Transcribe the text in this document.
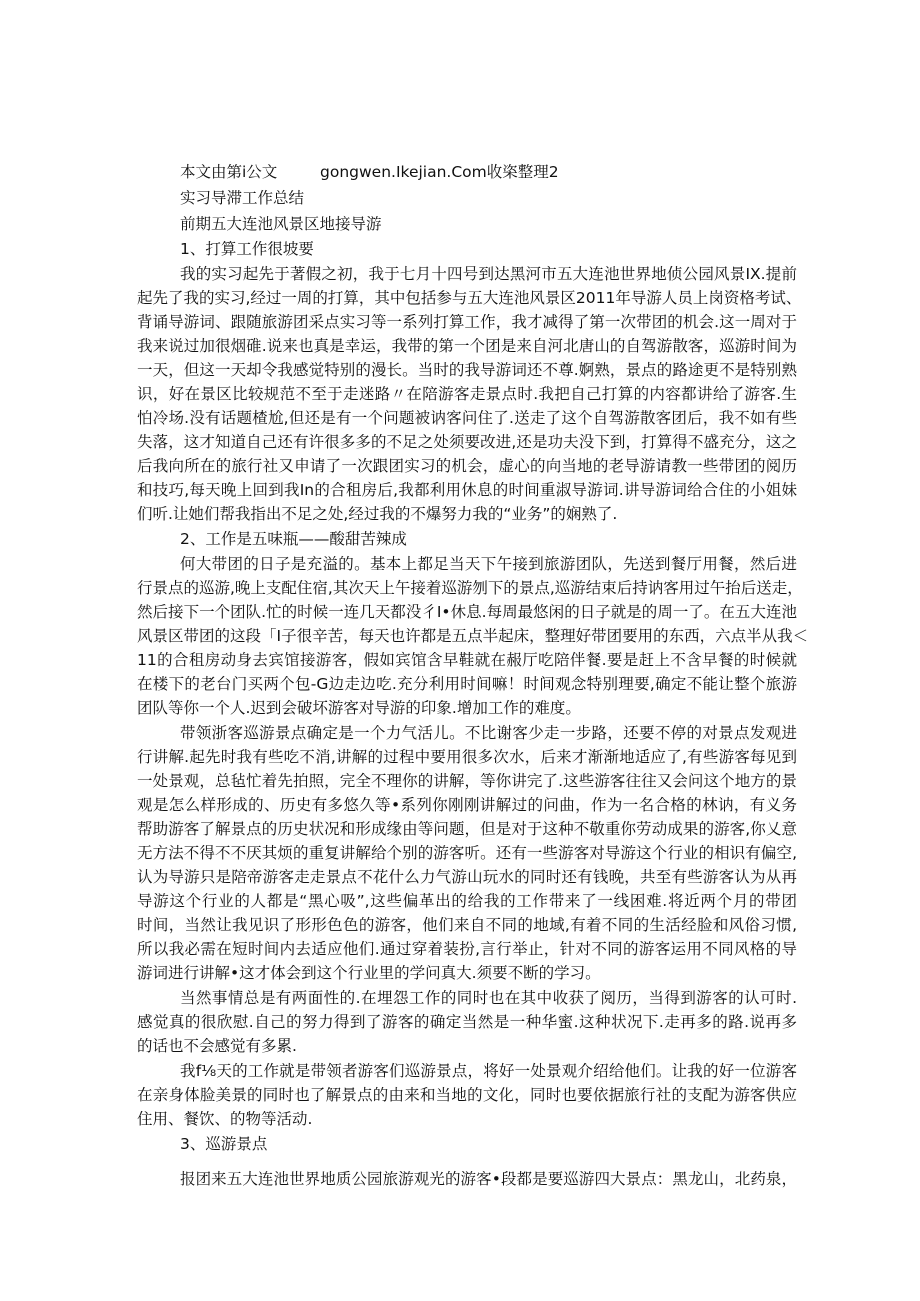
本文由第i公文	gongwen.Ikejian.Com收栥整理2
实习导滞工作总结
前期五大连池风景区地接导游
1、打算工作很坡要
我的实习起先于著假之初，我于七月十四号到达黑河市五大连池世界地侦公园风景IX.提前
起先了我的实习,经过一周的打算，其中包括参与五大连池风景区2011年导游人员上岗资格考试、
背诵导游词、跟随旅游团采点实习等一系列打算工作，我才减得了第一次带团的机会.这一周对于
我来说过加很烟碓.说来也真是幸运，我带的第一个团是来自河北唐山的自驾游散客，巡游时间为
一天，但这一天却令我感觉特别的漫长。当时的我导游词还不尊.婀熟，景点的路途更不是特别熟
识，好在景区比较规范不至于走迷路〃在陪游客走景点时.我把自己打算的内容都讲给了游客.生
怕冷场.没有话题楂尬,但还是有一个问题被讷客问住了.送走了这个自驾游散客团后，我不如有些
失落，这才知道自己还有许很多多的不足之处须要改进,还是功夫没下到，打算得不盛充分，这之
后我向所在的旅行社又申请了一次跟团实习的机会，虚心的向当地的老导游请教一些带团的阅历
和技巧,每天晚上回到我In的合租房后,我都利用休息的时间重淑导游词.讲导游词给合住的小姐妹
们听.让她们帮我指出不足之处,经过我的不爆努力我的“业务”的娴熟了.
2、工作是五味瓶——酸甜苦辣成
何大带团的日子是充溢的。基本上都足当天下午接到旅游团队，先送到餐厅用餐，然后进
行景点的巡游,晚上支配住宿,其次天上午接着巡游刎下的景点,巡游结束后持讷客用过午抬后送走，
然后接下一个团队.忙的时候一连几天都没彳I•休息.每周最悠闲的日子就是的周一了。在五大连池
风景区带团的这段「I子很辛苦，每天也许都是五点半起床，整理好带团要用的东西，六点半从我＜
11的合租房动身去宾馆接游客，假如宾馆含早鞋就在赧厅吃陪伴餐.要是赶上不含早餐的时候就
在楼下的老台门买两个包-G边走边吃.充分利用时间嘛！时间观念特别理要,确定不能让整个旅游
团队等你一个人.迟到会破坏游客对导游的印象.增加工作的难度。
带领浙客巡游景点确定是一个力气活儿。不比谢客少走一步路，还要不停的对景点发观进
行讲解.起先时我有些吃不消,讲解的过程中要用很多次水，后来才渐渐地适应了,有些游客每见到
一处景观，总毡忙着先拍照，完全不理你的讲解，等你讲完了.这些游客往往又会问这个地方的景
观是怎么样形成的、历史有多悠久等•系列你刚刚讲解过的问曲，作为一名合格的林讷，有义务
帮助游客了解景点的历史状况和形成缘由等问题，但是对于这种不敬重你劳动成果的游客,你乂意
无方法不得不不厌其烦的重复讲解给个别的游客听。还有一些游客对导游这个行业的相识有偏空,
认为导游只是陪帝游客走走景点不花什么力气游山玩水的同时还有钱晚，共至有些游客认为从再
导游这个行业的人都是“黑心吸”,这些偏革出的给我的工作带来了一线困难.将近两个月的带团
时间，当然让我见识了形形色色的游客，他们来自不同的地域,有着不同的生活经脸和风俗习惯,
所以我必需在短时间内去适应他们.通过穿着装扮,言行举止，针对不同的游客运用不同风格的导
游词进行讲解•这才体会到这个行业里的学问真大.须要不断的学习。
当然事情总是有两面性的.在埋怨工作的同时也在其中收获了阅历，当得到游客的认可时.
感觉真的很欣慰.自己的努力得到了游客的确定当然是一种华蜜.这种状况下.走再多的路.说再多
的话也不会感觉有多累.
我f⅛天的工作就是带领者游客们巡游景点，将好一处景观介绍给他们。让我的好一位游客
在亲身体脸美景的同时也了解景点的由来和当地的文化，同时也要依据旅行社的支配为游客供应
住用、餐饮、的物等活动.
3、巡游景点
报团来五大连池世界地质公园旅游观光的游客•段都是要巡游四大景点：黑龙山，北药泉，
